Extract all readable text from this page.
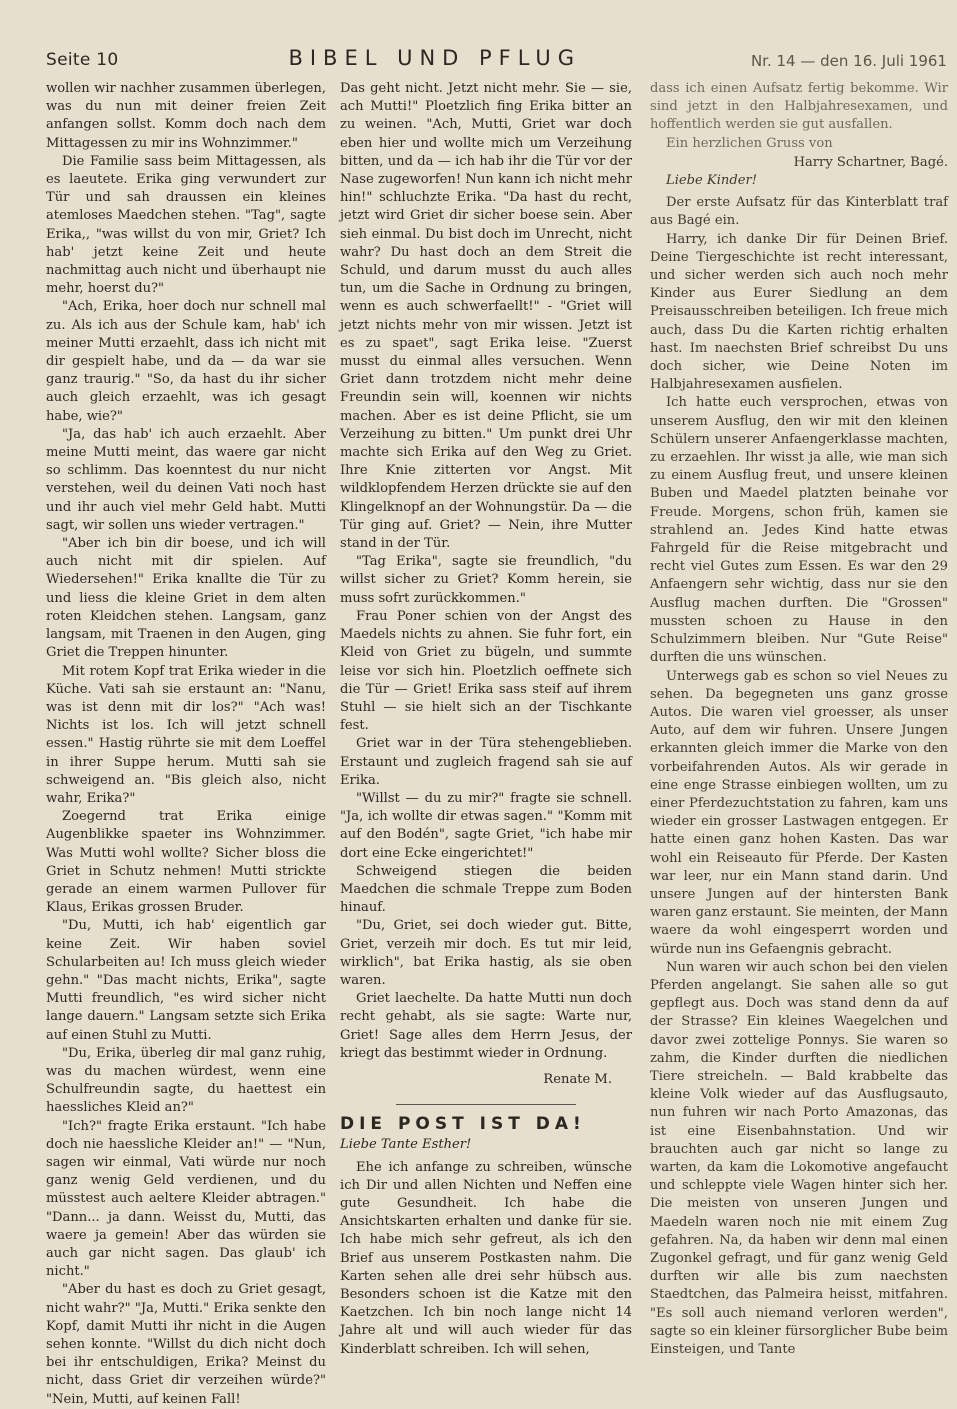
Seite 10	BIBEL UND PFLUG	Nr. 14 — den 16. Juli 1961

wollen wir nachher zusammen überlegen, was du nun mit deiner freien Zeit anfangen sollst. Komm doch nach dem Mittagessen zu mir ins Wohnzimmer."

Die Familie sass beim Mittagessen, als es laeutete. Erika ging verwundert zur Tür und sah draussen ein kleines atemloses Maedchen stehen. "Tag", sagte Erika,, "was willst du von mir, Griet? Ich hab' jetzt keine Zeit und heute nachmittag auch nicht und überhaupt nie mehr, hoerst du?"

"Ach, Erika, hoer doch nur schnell mal zu. Als ich aus der Schule kam, hab' ich meiner Mutti erzaehlt, dass ich nicht mit dir gespielt habe, und da — da war sie ganz traurig." "So, da hast du ihr sicher auch gleich erzaehlt, was ich gesagt habe, wie?"

"Ja, das hab' ich auch erzaehlt. Aber meine Mutti meint, das waere gar nicht so schlimm. Das koenntest du nur nicht verstehen, weil du deinen Vati noch hast und ihr auch viel mehr Geld habt. Mutti sagt, wir sollen uns wieder vertragen."

"Aber ich bin dir boese, und ich will auch nicht mit dir spielen. Auf Wiedersehen!" Erika knallte die Tür zu und liess die kleine Griet in dem alten roten Kleidchen stehen. Langsam, ganz langsam, mit Traenen in den Augen, ging Griet die Treppen hinunter.

Mit rotem Kopf trat Erika wieder in die Küche. Vati sah sie erstaunt an: "Nanu, was ist denn mit dir los?" "Ach was! Nichts ist los. Ich will jetzt schnell essen." Hastig rührte sie mit dem Loeffel in ihrer Suppe herum. Mutti sah sie schweigend an. "Bis gleich also, nicht wahr, Erika?"

Zoegernd trat Erika einige Augenblikke spaeter ins Wohnzimmer. Was Mutti wohl wollte? Sicher bloss die Griet in Schutz nehmen! Mutti strickte gerade an einem warmen Pullover für Klaus, Erikas grossen Bruder.

"Du, Mutti, ich hab' eigentlich gar keine Zeit. Wir haben soviel Schularbeiten au! Ich muss gleich wieder gehn." "Das macht nichts, Erika", sagte Mutti freundlich, "es wird sicher nicht lange dauern." Langsam setzte sich Erika auf einen Stuhl zu Mutti.

"Du, Erika, überleg dir mal ganz ruhig, was du machen würdest, wenn eine Schulfreundin sagte, du haettest ein haessliches Kleid an?"

"Ich?" fragte Erika erstaunt. "Ich habe doch nie haessliche Kleider an!" — "Nun, sagen wir einmal, Vati würde nur noch ganz wenig Geld verdienen, und du müsstest auch aeltere Kleider abtragen." "Dann... ja dann. Weisst du, Mutti, das waere ja gemein! Aber das würden sie auch gar nicht sagen. Das glaub' ich nicht."

"Aber du hast es doch zu Griet gesagt, nicht wahr?" "Ja, Mutti." Erika senkte den Kopf, damit Mutti ihr nicht in die Augen sehen konnte. "Willst du dich nicht doch bei ihr entschuldigen, Erika? Meinst du nicht, dass Griet dir verzeihen würde?" "Nein, Mutti, auf keinen Fall!

Das geht nicht. Jetzt nicht mehr. Sie — sie, ach Mutti!" Ploetzlich fing Erika bitter an zu weinen. "Ach, Mutti, Griet war doch eben hier und wollte mich um Verzeihung bitten, und da — ich hab ihr die Tür vor der Nase zugeworfen! Nun kann ich nicht mehr hin!" schluchzte Erika. "Da hast du recht, jetzt wird Griet dir sicher boese sein. Aber sieh einmal. Du bist doch im Unrecht, nicht wahr? Du hast doch an dem Streit die Schuld, und darum musst du auch alles tun, um die Sache in Ordnung zu bringen, wenn es auch schwerfaellt!" - "Griet will jetzt nichts mehr von mir wissen. Jetzt ist es zu spaet", sagt Erika leise. "Zuerst musst du einmal alles versuchen. Wenn Griet dann trotzdem nicht mehr deine Freundin sein will, koennen wir nichts machen. Aber es ist deine Pflicht, sie um Verzeihung zu bitten." Um punkt drei Uhr machte sich Erika auf den Weg zu Griet. Ihre Knie zitterten vor Angst. Mit wildklopfendem Herzen drückte sie auf den Klingelknopf an der Wohnungstür. Da — die Tür ging auf. Griet? — Nein, ihre Mutter stand in der Tür.

"Tag Erika", sagte sie freundlich, "du willst sicher zu Griet? Komm herein, sie muss sofrt zurückkommen."

Frau Poner schien von der Angst des Maedels nichts zu ahnen. Sie fuhr fort, ein Kleid von Griet zu bügeln, und summte leise vor sich hin. Ploetzlich oeffnete sich die Tür — Griet! Erika sass steif auf ihrem Stuhl — sie hielt sich an der Tischkante fest.

Griet war in der Türa stehengeblieben. Erstaunt und zugleich fragend sah sie auf Erika.

"Willst — du zu mir?" fragte sie schnell. "Ja, ich wollte dir etwas sagen." "Komm mit auf den Bodén", sagte Griet, "ich habe mir dort eine Ecke eingerichtet!"

Schweigend stiegen die beiden Maedchen die schmale Treppe zum Boden hinauf.

"Du, Griet, sei doch wieder gut. Bitte, Griet, verzeih mir doch. Es tut mir leid, wirklich", bat Erika hastig, als sie oben waren.

Griet laechelte. Da hatte Mutti nun doch recht gehabt, als sie sagte: Warte nur, Griet! Sage alles dem Herrn Jesus, der kriegt das bestimmt wieder in Ordnung.

Renate M.

DIE POST IST DA!

Liebe Tante Esther!

Ehe ich anfange zu schreiben, wünsche ich Dir und allen Nichten und Neffen eine gute Gesundheit. Ich habe die Ansichtskarten erhalten und danke für sie. Ich habe mich sehr gefreut, als ich den Brief aus unserem Postkasten nahm. Die Karten sehen alle drei sehr hübsch aus. Besonders schoen ist die Katze mit den Kaetzchen. Ich bin noch lange nicht 14 Jahre alt und will auch wieder für das Kinderblatt schreiben. Ich will sehen,

dass ich einen Aufsatz fertig bekomme. Wir sind jetzt in den Halbjahresexamen, und hoffentlich werden sie gut ausfallen.

Ein herzlichen Gruss von

Harry Schartner, Bagé.

Liebe Kinder!

Der erste Aufsatz für das Kinterblatt traf aus Bagé ein.

Harry, ich danke Dir für Deinen Brief. Deine Tiergeschichte ist recht interessant, und sicher werden sich auch noch mehr Kinder aus Eurer Siedlung an dem Preisausschreiben beteiligen. Ich freue mich auch, dass Du die Karten richtig erhalten hast. Im naechsten Brief schreibst Du uns doch sicher, wie Deine Noten im Halbjahresexamen ausfielen.

Ich hatte euch versprochen, etwas von unserem Ausflug, den wir mit den kleinen Schülern unserer Anfaengerklasse machten, zu erzaehlen. Ihr wisst ja alle, wie man sich zu einem Ausflug freut, und unsere kleinen Buben und Maedel platzten beinahe vor Freude. Morgens, schon früh, kamen sie strahlend an. Jedes Kind hatte etwas Fahrgeld für die Reise mitgebracht und recht viel Gutes zum Essen. Es war den 29 Anfaengern sehr wichtig, dass nur sie den Ausflug machen durften. Die "Grossen" mussten schoen zu Hause in den Schulzimmern bleiben. Nur "Gute Reise" durften die uns wünschen.

Unterwegs gab es schon so viel Neues zu sehen. Da begegneten uns ganz grosse Autos. Die waren viel groesser, als unser Auto, auf dem wir fuhren. Unsere Jungen erkannten gleich immer die Marke von den vorbeifahrenden Autos. Als wir gerade in eine enge Strasse einbiegen wollten, um zu einer Pferdezuchtstation zu fahren, kam uns wieder ein grosser Lastwagen entgegen. Er hatte einen ganz hohen Kasten. Das war wohl ein Reiseauto für Pferde. Der Kasten war leer, nur ein Mann stand darin. Und unsere Jungen auf der hintersten Bank waren ganz erstaunt. Sie meinten, der Mann waere da wohl eingesperrt worden und würde nun ins Gefaengnis gebracht.

Nun waren wir auch schon bei den vielen Pferden angelangt. Sie sahen alle so gut gepflegt aus. Doch was stand denn da auf der Strasse? Ein kleines Waegelchen und davor zwei zottelige Ponnys. Sie waren so zahm, die Kinder durften die niedlichen Tiere streicheln. — Bald krabbelte das kleine Volk wieder auf das Ausflugsauto, nun fuhren wir nach Porto Amazonas, das ist eine Eisenbahnstation. Und wir brauchten auch gar nicht so lange zu warten, da kam die Lokomotive angefaucht und schleppte viele Wagen hinter sich her. Die meisten von unseren Jungen und Maedeln waren noch nie mit einem Zug gefahren. Na, da haben wir denn mal einen Zugonkel gefragt, und für ganz wenig Geld durften wir alle bis zum naechsten Staedtchen, das Palmeira heisst, mitfahren. "Es soll auch niemand verloren werden", sagte so ein kleiner fürsorglicher Bube beim Einsteigen, und Tante
